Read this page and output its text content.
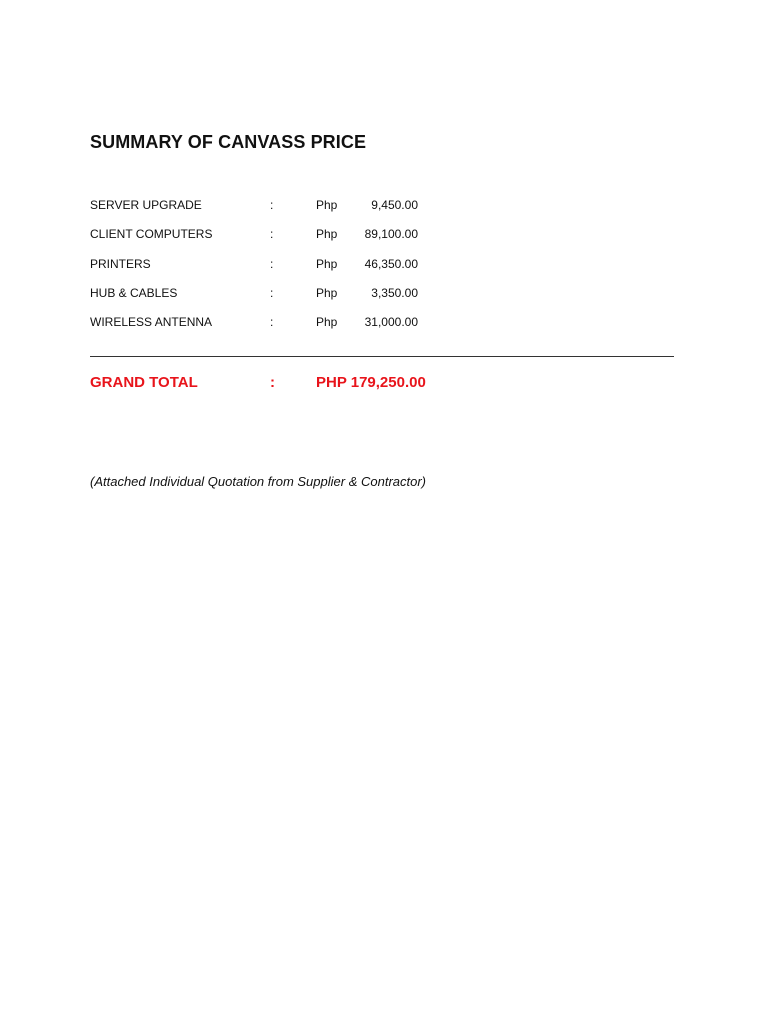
SUMMARY OF CANVASS PRICE
SERVER UPGRADE	:	Php	9,450.00
CLIENT COMPUTERS	:	Php	89,100.00
PRINTERS	:	Php	46,350.00
HUB & CABLES	:	Php	3,350.00
WIRELESS ANTENNA	:	Php	31,000.00
GRAND TOTAL	:	PHP 179,250.00
(Attached Individual Quotation from Supplier & Contractor)
